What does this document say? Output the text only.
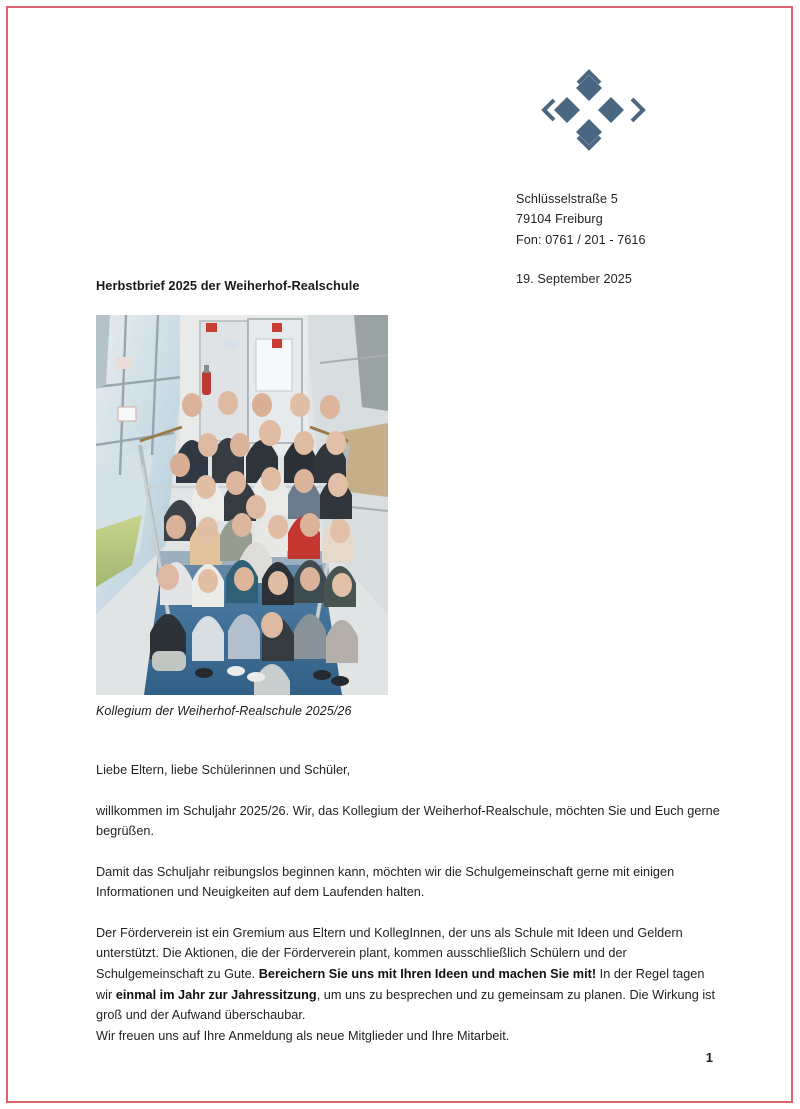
Schlüsselstraße 5
79104 Freiburg
Fon: 0761 / 201 - 7616
19. September 2025
Herbstbrief 2025 der Weiherhof-Realschule
Kollegium der Weiherhof-Realschule 2025/26

Liebe Eltern, liebe Schülerinnen und Schüler,

willkommen im Schuljahr 2025/26. Wir, das Kollegium der Weiherhof-Realschule, möchten Sie und Euch gerne begrüßen.

Damit das Schuljahr reibungslos beginnen kann, möchten wir die Schulgemeinschaft gerne mit einigen Informationen und Neuigkeiten auf dem Laufenden halten.

Der Förderverein ist ein Gremium aus Eltern und KollegInnen, der uns als Schule mit Ideen und Geldern unterstützt. Die Aktionen, die der Förderverein plant, kommen ausschließlich Schülern und der Schulgemeinschaft zu Gute. Bereichern Sie uns mit Ihren Ideen und machen Sie mit! In der Regel tagen wir einmal im Jahr zur Jahressitzung, um uns zu besprechen und zu gemeinsam zu planen. Die Wirkung ist groß und der Aufwand überschaubar.
Wir freuen uns auf Ihre Anmeldung als neue Mitglieder und Ihre Mitarbeit.

1
